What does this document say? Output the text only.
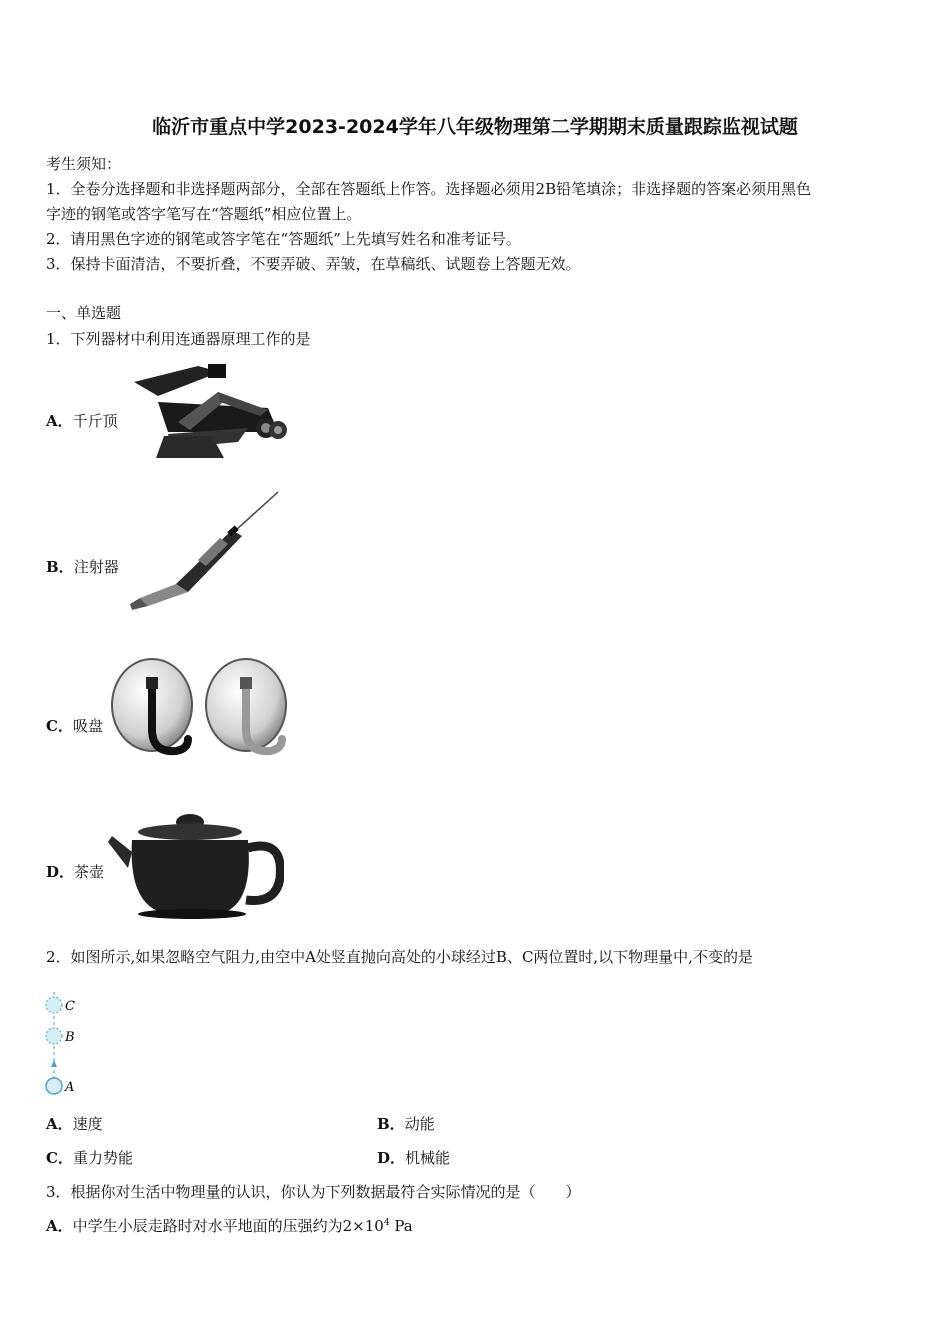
临沂市重点中学2023-2024学年八年级物理第二学期期末质量跟踪监视试题
考生须知：
1．全卷分选择题和非选择题两部分，全部在答题纸上作答。选择题必须用2B铅笔填涂；非选择题的答案必须用黑色
字迹的钢笔或答字笔写在“答题纸”相应位置上。
2．请用黑色字迹的钢笔或答字笔在“答题纸”上先填写姓名和准考证号。
3．保持卡面清洁，不要折叠，不要弄破、弄皱，在草稿纸、试题卷上答题无效。
一、单选题
1．下列器材中利用连通器原理工作的是
A．千斤顶
B．注射器
C．吸盘
D．茶壶
2．如图所示,如果忽略空气阻力,由空中A处竖直抛向高处的小球经过B、C两位置时,以下物理量中,不变的是
C
B
A
A．速度	B．动能
C．重力势能	D．机械能
3．根据你对生活中物理量的认识，你认为下列数据最符合实际情况的是（　　）
A．中学生小辰走路时对水平地面的压强约为$2\times 10^4$ Pa
